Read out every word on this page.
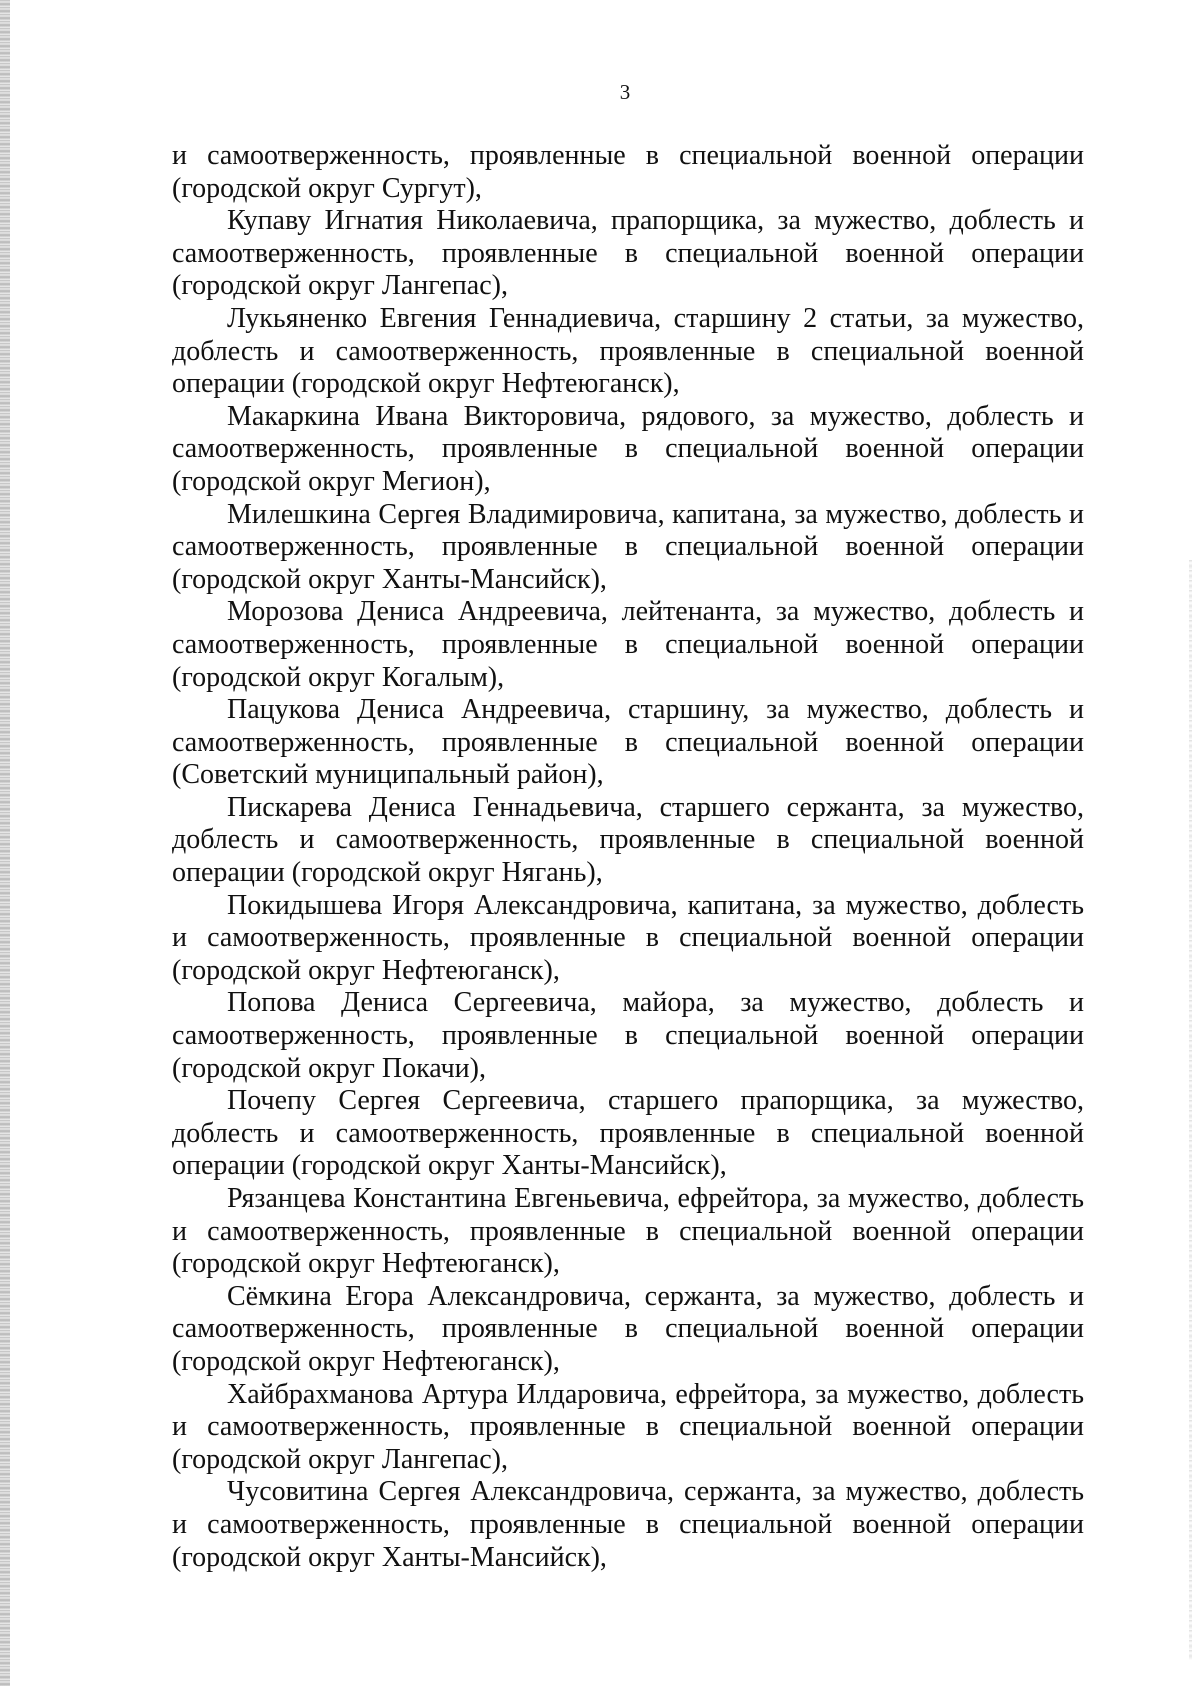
3

и самоотверженность, проявленные в специальной военной операции (городской округ Сургут),

Купаву Игнатия Николаевича, прапорщика, за мужество, доблесть и самоотверженность, проявленные в специальной военной операции (городской округ Лангепас),

Лукьяненко Евгения Геннадиевича, старшину 2 статьи, за мужество, доблесть и самоотверженность, проявленные в специальной военной операции (городской округ Нефтеюганск),

Макаркина Ивана Викторовича, рядового, за мужество, доблесть и самоотверженность, проявленные в специальной военной операции (городской округ Мегион),

Милешкина Сергея Владимировича, капитана, за мужество, доблесть и самоотверженность, проявленные в специальной военной операции (городской округ Ханты-Мансийск),

Морозова Дениса Андреевича, лейтенанта, за мужество, доблесть и самоотверженность, проявленные в специальной военной операции (городской округ Когалым),

Пацукова Дениса Андреевича, старшину, за мужество, доблесть и самоотверженность, проявленные в специальной военной операции (Советский муниципальный район),

Пискарева Дениса Геннадьевича, старшего сержанта, за мужество, доблесть и самоотверженность, проявленные в специальной военной операции (городской округ Нягань),

Покидышева Игоря Александровича, капитана, за мужество, доблесть и самоотверженность, проявленные в специальной военной операции (городской округ Нефтеюганск),

Попова Дениса Сергеевича, майора, за мужество, доблесть и самоотверженность, проявленные в специальной военной операции (городской округ Покачи),

Почепу Сергея Сергеевича, старшего прапорщика, за мужество, доблесть и самоотверженность, проявленные в специальной военной операции (городской округ Ханты-Мансийск),

Рязанцева Константина Евгеньевича, ефрейтора, за мужество, доблесть и самоотверженность, проявленные в специальной военной операции (городской округ Нефтеюганск),

Сёмкина Егора Александровича, сержанта, за мужество, доблесть и самоотверженность, проявленные в специальной военной операции (городской округ Нефтеюганск),

Хайбрахманова Артура Илдаровича, ефрейтора, за мужество, доблесть и самоотверженность, проявленные в специальной военной операции (городской округ Лангепас),

Чусовитина Сергея Александровича, сержанта, за мужество, доблесть и самоотверженность, проявленные в специальной военной операции (городской округ Ханты-Мансийск),
